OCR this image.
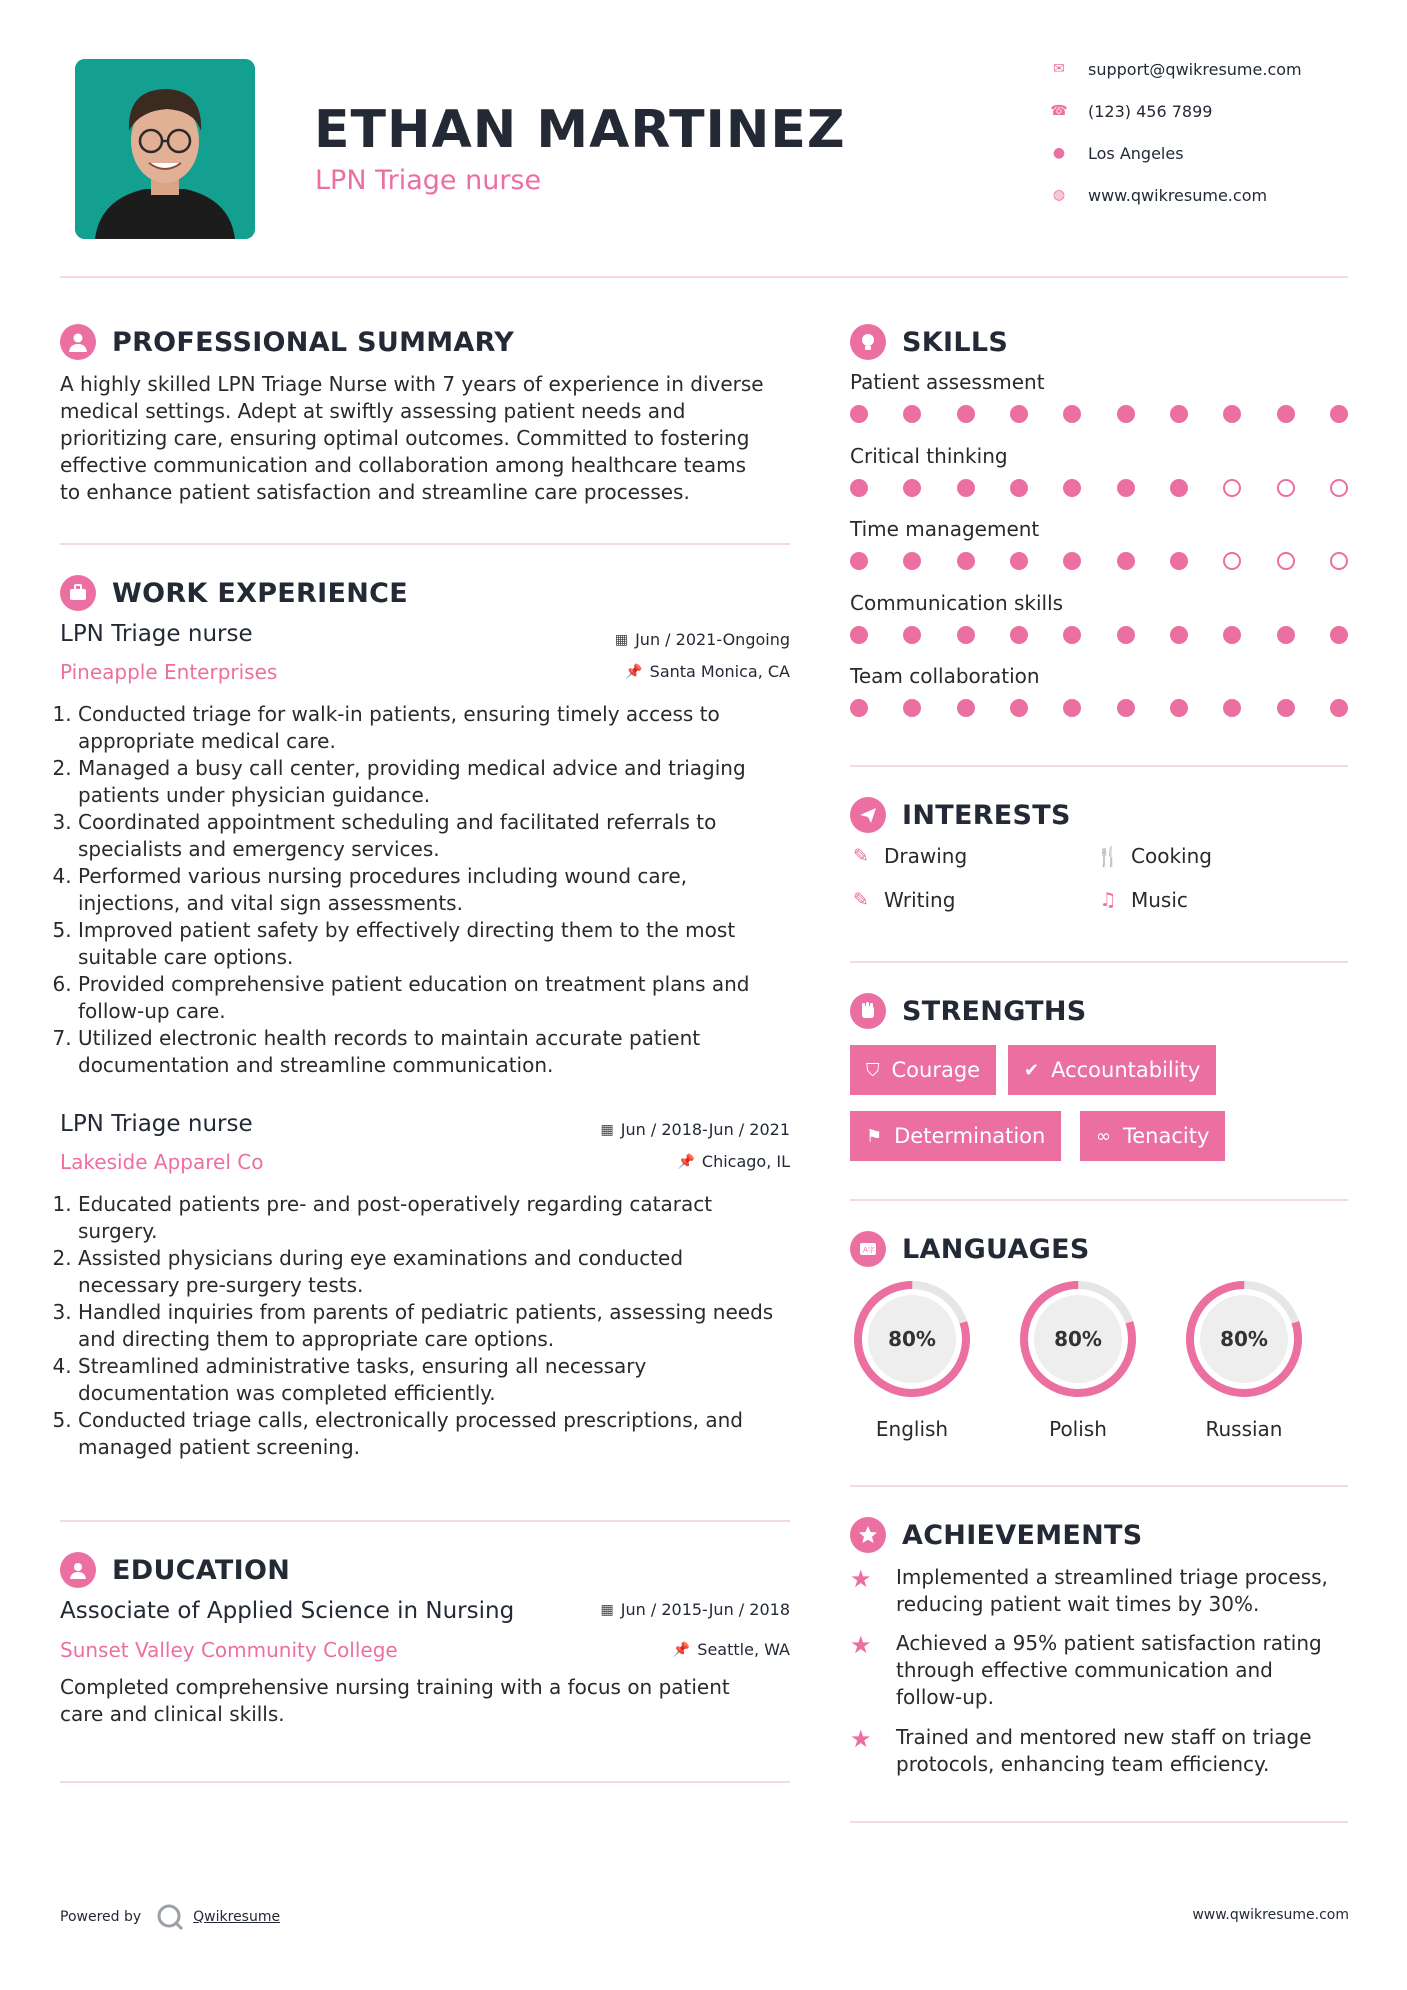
ETHAN MARTINEZ
LPN Triage nurse
✉ support@qwikresume.com
☎ (123) 456 7899
● Los Angeles
◍ www.qwikresume.com
PROFESSIONAL SUMMARY
A highly skilled LPN Triage Nurse with 7 years of experience in diverse
medical settings. Adept at swiftly assessing patient needs and
prioritizing care, ensuring optimal outcomes. Committed to fostering
effective communication and collaboration among healthcare teams
to enhance patient satisfaction and streamline care processes.
WORK EXPERIENCE
LPN Triage nurse
Pineapple Enterprises
▦ Jun / 2021-Ongoing
📌 Santa Monica, CA
1. Conducted triage for walk-in patients, ensuring timely access to appropriate medical care.
2. Managed a busy call center, providing medical advice and triaging patients under physician guidance.
3. Coordinated appointment scheduling and facilitated referrals to specialists and emergency services.
4. Performed various nursing procedures including wound care, injections, and vital sign assessments.
5. Improved patient safety by effectively directing them to the most suitable care options.
6. Provided comprehensive patient education on treatment plans and follow-up care.
7. Utilized electronic health records to maintain accurate patient documentation and streamline communication.
LPN Triage nurse
Lakeside Apparel Co
▦ Jun / 2018-Jun / 2021
📌 Chicago, IL
1. Educated patients pre- and post-operatively regarding cataract surgery.
2. Assisted physicians during eye examinations and conducted necessary pre-surgery tests.
3. Handled inquiries from parents of pediatric patients, assessing needs and directing them to appropriate care options.
4. Streamlined administrative tasks, ensuring all necessary documentation was completed efficiently.
5. Conducted triage calls, electronically processed prescriptions, and managed patient screening.
EDUCATION
Associate of Applied Science in Nursing
Sunset Valley Community College
▦ Jun / 2015-Jun / 2018
📌 Seattle, WA
Completed comprehensive nursing training with a focus on patient
care and clinical skills.
SKILLS
Patient assessment
Critical thinking
Time management
Communication skills
Team collaboration
INTERESTS
✎ Drawing	🍴 Cooking
✎ Writing	♫ Music
STRENGTHS
⛉ Courage ✔ Accountability
⚑ Determination	∞ Tenacity
A字 LANGUAGES
80%
English
80%
Polish
80%
Russian
ACHIEVEMENTS
★	Implemented a streamlined triage process,
reducing patient wait times by 30%.
★	Achieved a 95% patient satisfaction rating
through effective communication and
follow-up.
★	Trained and mentored new staff on triage
protocols, enhancing team efficiency.
Powered by	Qwikresume	www.qwikresume.com
